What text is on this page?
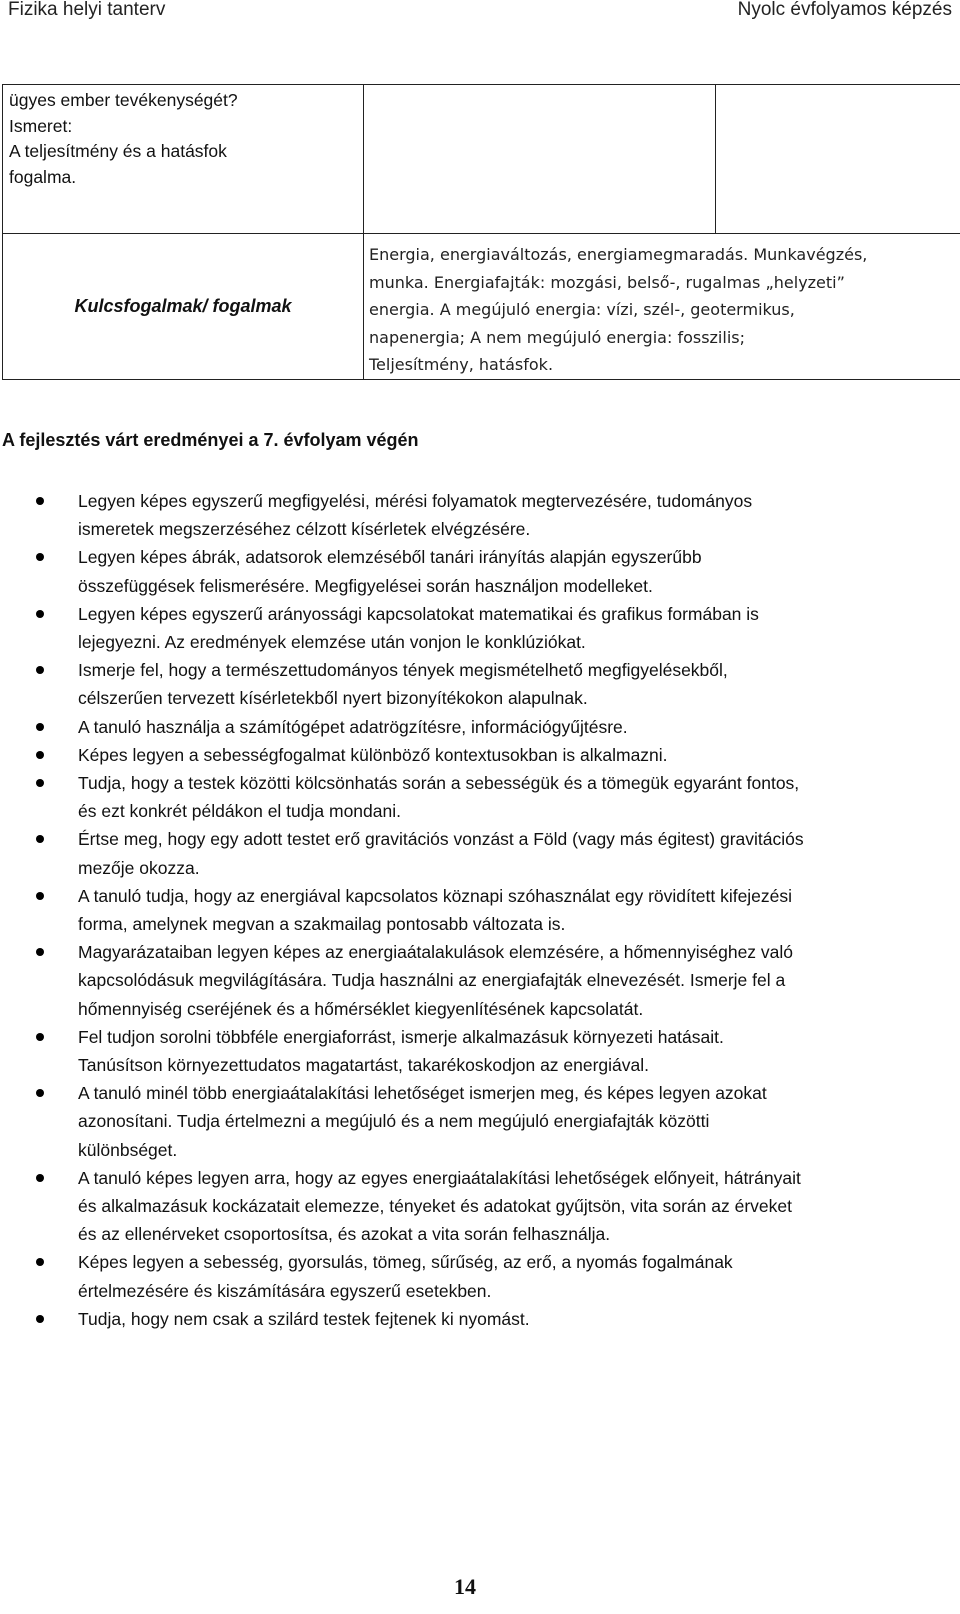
Fizika helyi tanterv	Nyolc évfolyamos képzés
ügyes ember tevékenységét?
Ismeret:
A teljesítmény és a hatásfok
fogalma.		

Kulcsfogalmak/ fogalmak	Energia, energiaváltozás, energiamegmaradás. Munkavégzés,
munka. Energiafajták: mozgási, belső-, rugalmas „helyzeti”
energia. A megújuló energia: vízi, szél-, geotermikus,
napenergia; A nem megújuló energia: fosszilis;
Teljesítmény, hatásfok.	
A fejlesztés várt eredményei a 7. évfolyam végén
Legyen képes egyszerű megfigyelési, mérési folyamatok megtervezésére, tudományos
ismeretek megszerzéséhez célzott kísérletek elvégzésére.
Legyen képes ábrák, adatsorok elemzéséből tanári irányítás alapján egyszerűbb
összefüggések felismerésére. Megfigyelései során használjon modelleket.
Legyen képes egyszerű arányossági kapcsolatokat matematikai és grafikus formában is
lejegyezni. Az eredmények elemzése után vonjon le konklúziókat.
Ismerje fel, hogy a természettudományos tények megismételhető megfigyelésekből,
célszerűen tervezett kísérletekből nyert bizonyítékokon alapulnak.
A tanuló használja a számítógépet adatrögzítésre, információgyűjtésre.
Képes legyen a sebességfogalmat különböző kontextusokban is alkalmazni.
Tudja, hogy a testek közötti kölcsönhatás során a sebességük és a tömegük egyaránt fontos,
és ezt konkrét példákon el tudja mondani.
Értse meg, hogy egy adott testet erő gravitációs vonzást a Föld (vagy más égitest) gravitációs
mezője okozza.
A tanuló tudja, hogy az energiával kapcsolatos köznapi szóhasználat egy rövidített kifejezési
forma, amelynek megvan a szakmailag pontosabb változata is.
Magyarázataiban legyen képes az energiaátalakulások elemzésére, a hőmennyiséghez való
kapcsolódásuk megvilágítására. Tudja használni az energiafajták elnevezését. Ismerje fel a
hőmennyiség cseréjének és a hőmérséklet kiegyenlítésének kapcsolatát.
Fel tudjon sorolni többféle energiaforrást, ismerje alkalmazásuk környezeti hatásait.
Tanúsítson környezettudatos magatartást, takarékoskodjon az energiával.
A tanuló minél több energiaátalakítási lehetőséget ismerjen meg, és képes legyen azokat
azonosítani. Tudja értelmezni a megújuló és a nem megújuló energiafajták közötti
különbséget.
A tanuló képes legyen arra, hogy az egyes energiaátalakítási lehetőségek előnyeit, hátrányait
és alkalmazásuk kockázatait elemezze, tényeket és adatokat gyűjtsön, vita során az érveket
és az ellenérveket csoportosítsa, és azokat a vita során felhasználja.
Képes legyen a sebesség, gyorsulás, tömeg, sűrűség, az erő, a nyomás fogalmának
értelmezésére és kiszámítására egyszerű esetekben.
Tudja, hogy nem csak a szilárd testek fejtenek ki nyomást.
14
